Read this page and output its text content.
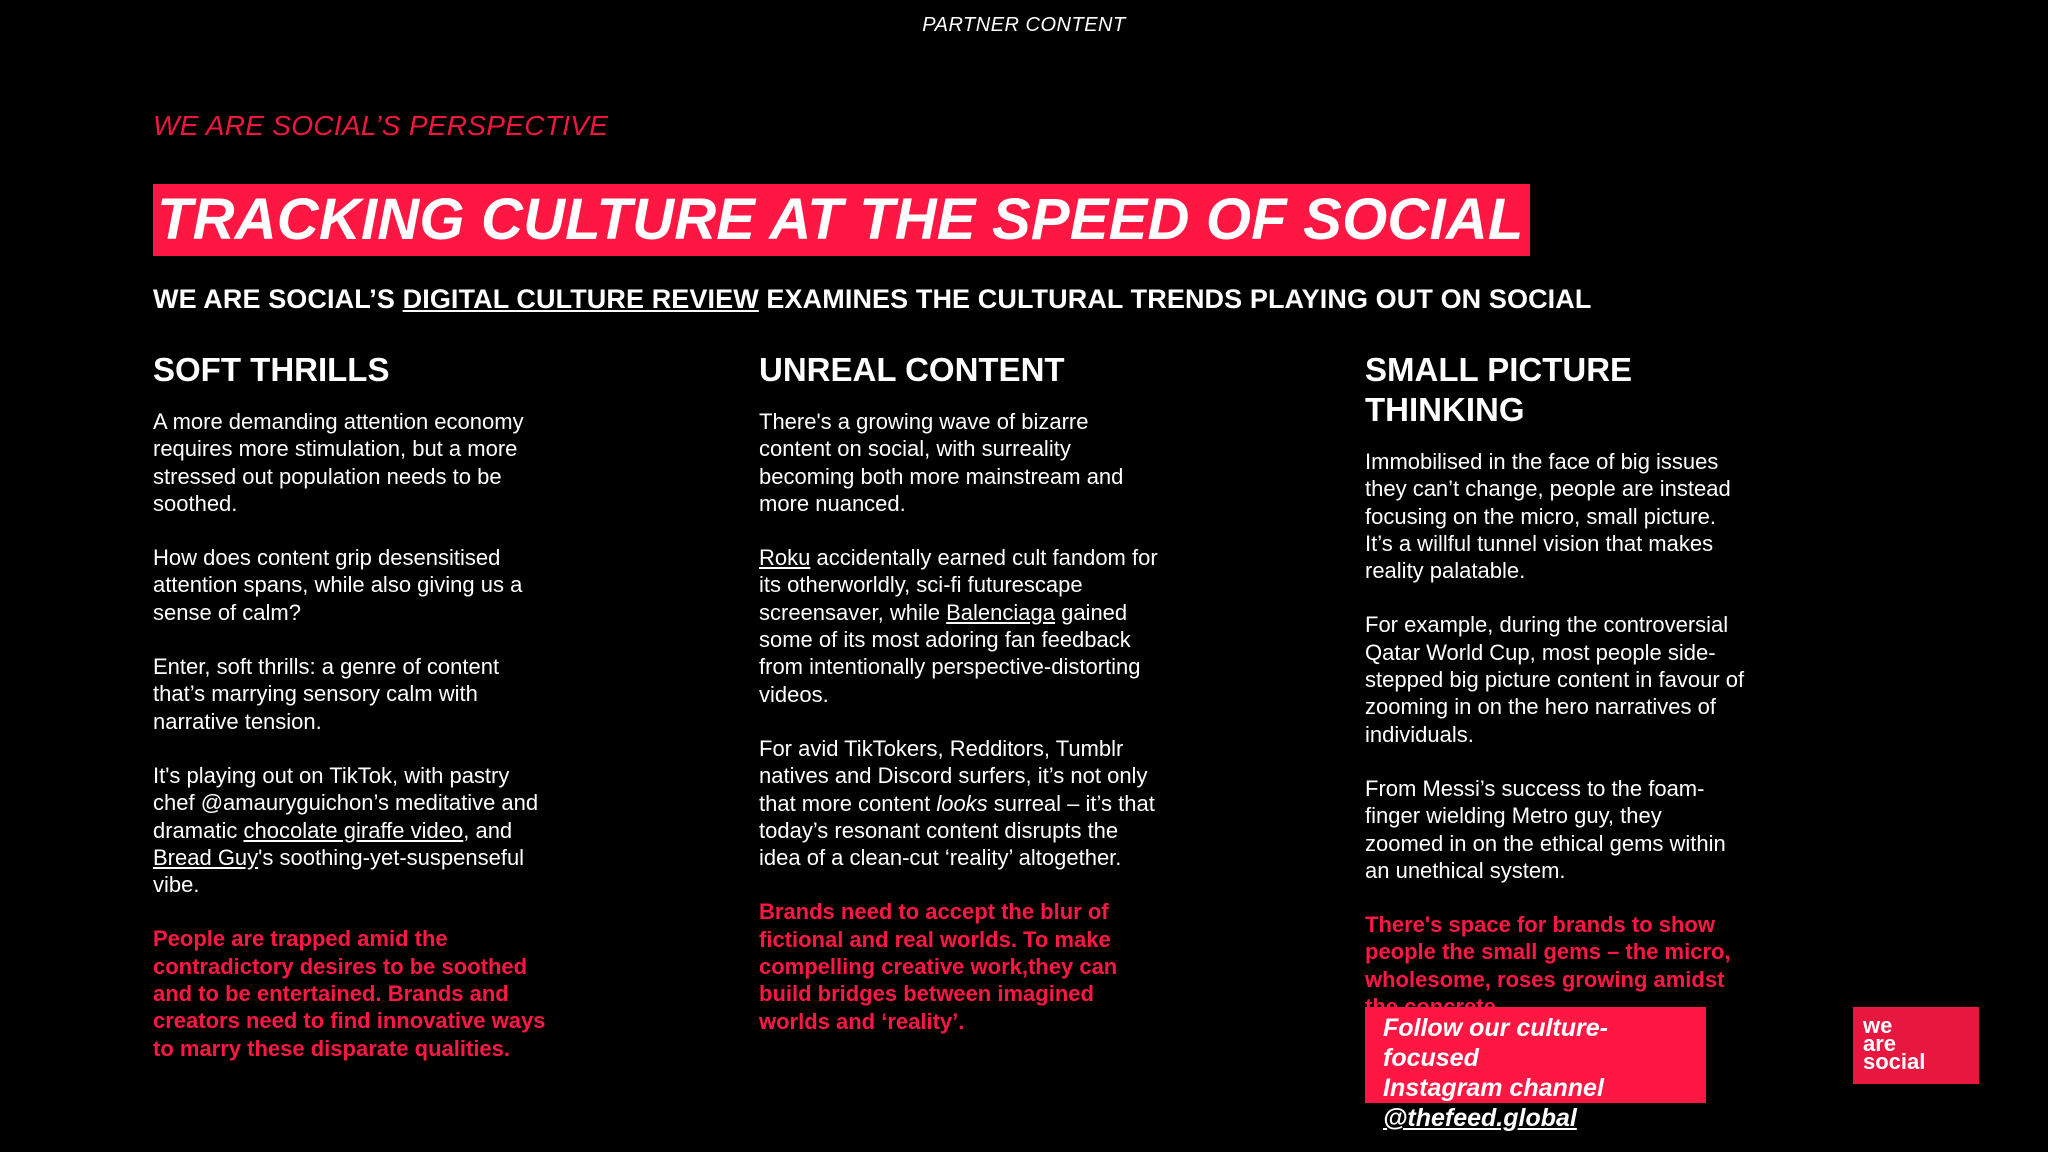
PARTNER CONTENT
WE ARE SOCIAL’S PERSPECTIVE
TRACKING CULTURE AT THE SPEED OF SOCIAL
WE ARE SOCIAL’S DIGITAL CULTURE REVIEW EXAMINES THE CULTURAL TRENDS PLAYING OUT ON SOCIAL
SOFT THRILLS

A more demanding attention economy requires more stimulation, but a more stressed out population needs to be soothed.

How does content grip desensitised attention spans, while also giving us a sense of calm?

Enter, soft thrills: a genre of content that’s marrying sensory calm with narrative tension.

It's playing out on TikTok, with pastry chef @amauryguichon’s meditative and dramatic chocolate giraffe video, and Bread Guy's soothing-yet-suspenseful vibe.

People are trapped amid the contradictory desires to be soothed and to be entertained. Brands and creators need to find innovative ways to marry these disparate qualities.

UNREAL CONTENT

There's a growing wave of bizarre content on social, with surreality becoming both more mainstream and more nuanced.

Roku accidentally earned cult fandom for its otherworldly, sci-fi futurescape screensaver, while Balenciaga gained some of its most adoring fan feedback from intentionally perspective-distorting videos.

For avid TikTokers, Redditors, Tumblr natives and Discord surfers, it’s not only that more content looks surreal – it’s that today’s resonant content disrupts the idea of a clean-cut ‘reality’ altogether.

Brands need to accept the blur of fictional and real worlds. To make compelling creative work,they can build bridges between imagined worlds and ‘reality’.

SMALL PICTURE THINKING

Immobilised in the face of big issues they can’t change, people are instead focusing on the micro, small picture. It’s a willful tunnel vision that makes reality palatable.

For example, during the controversial Qatar World Cup, most people side-stepped big picture content in favour of zooming in on the hero narratives of individuals.

From Messi’s success to the foam-finger wielding Metro guy, they zoomed in on the ethical gems within an unethical system.

There's space for brands to show people the small gems – the micro, wholesome, roses growing amidst

Follow our culture-focused
Instagram channel
@thefeed.global
we
are
social
